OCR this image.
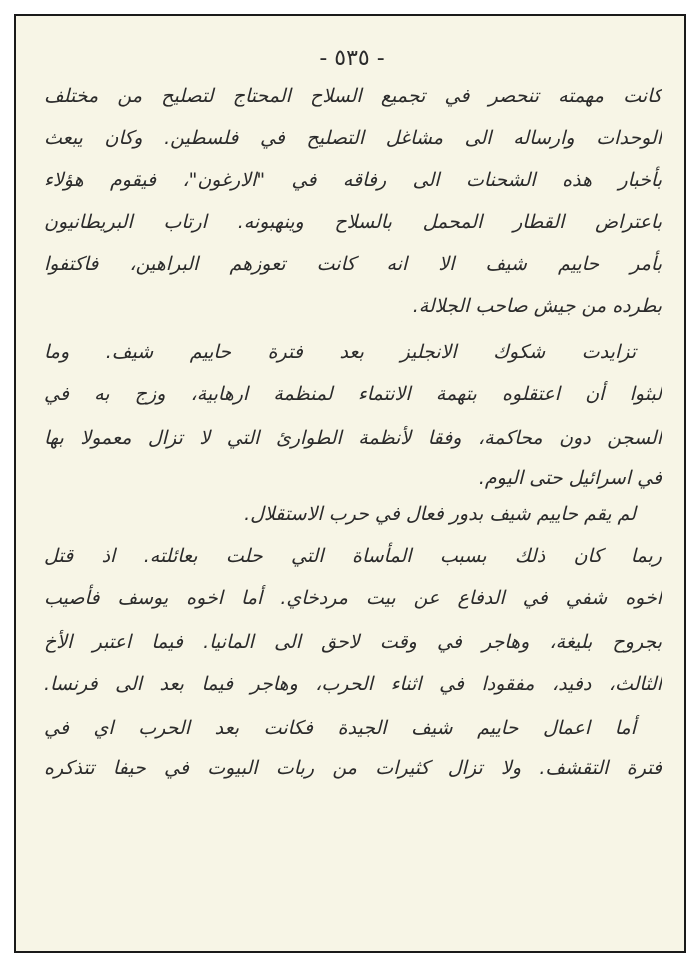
- ٥٣٥ -
كانت مهمته تنحصر في تجميع السلاح المحتاج لتصليح من مختلف
الوحدات وارساله الى مشاغل التصليح في فلسطين. وكان يبعث
بأخبار هذه الشحنات الى رفاقه في "الارغون"، فيقوم هؤلاء
باعتراض القطار المحمل بالسلاح وينهبونه. ارتاب البريطانيون
بأمر حاييم شيف الا انه كانت تعوزهم البراهين، فاكتفوا
بطرده من جيش صاحب الجلالة.
تزايدت شكوك الانجليز بعد فترة حاييم شيف. وما
لبثوا أن اعتقلوه بتهمة الانتماء لمنظمة ارهابية، وزج به في
السجن دون محاكمة، وفقا لأنظمة الطوارئ التي لا تزال معمولا بها
في اسرائيل حتى اليوم.
لم يقم حاييم شيف بدور فعال في حرب الاستقلال.
ربما كان ذلك بسبب المأساة التي حلت بعائلته. اذ قتل
اخوه شفي في الدفاع عن بيت مردخاي. أما اخوه يوسف فأصيب
بجروح بليغة، وهاجر في وقت لاحق الى المانيا. فيما اعتبر الأخ
الثالث، دفيد، مفقودا في اثناء الحرب، وهاجر فيما بعد الى فرنسا.
أما اعمال حاييم شيف الجيدة فكانت بعد الحرب اي في
فترة التقشف. ولا تزال كثيرات من ربات البيوت في حيفا تتذكره
